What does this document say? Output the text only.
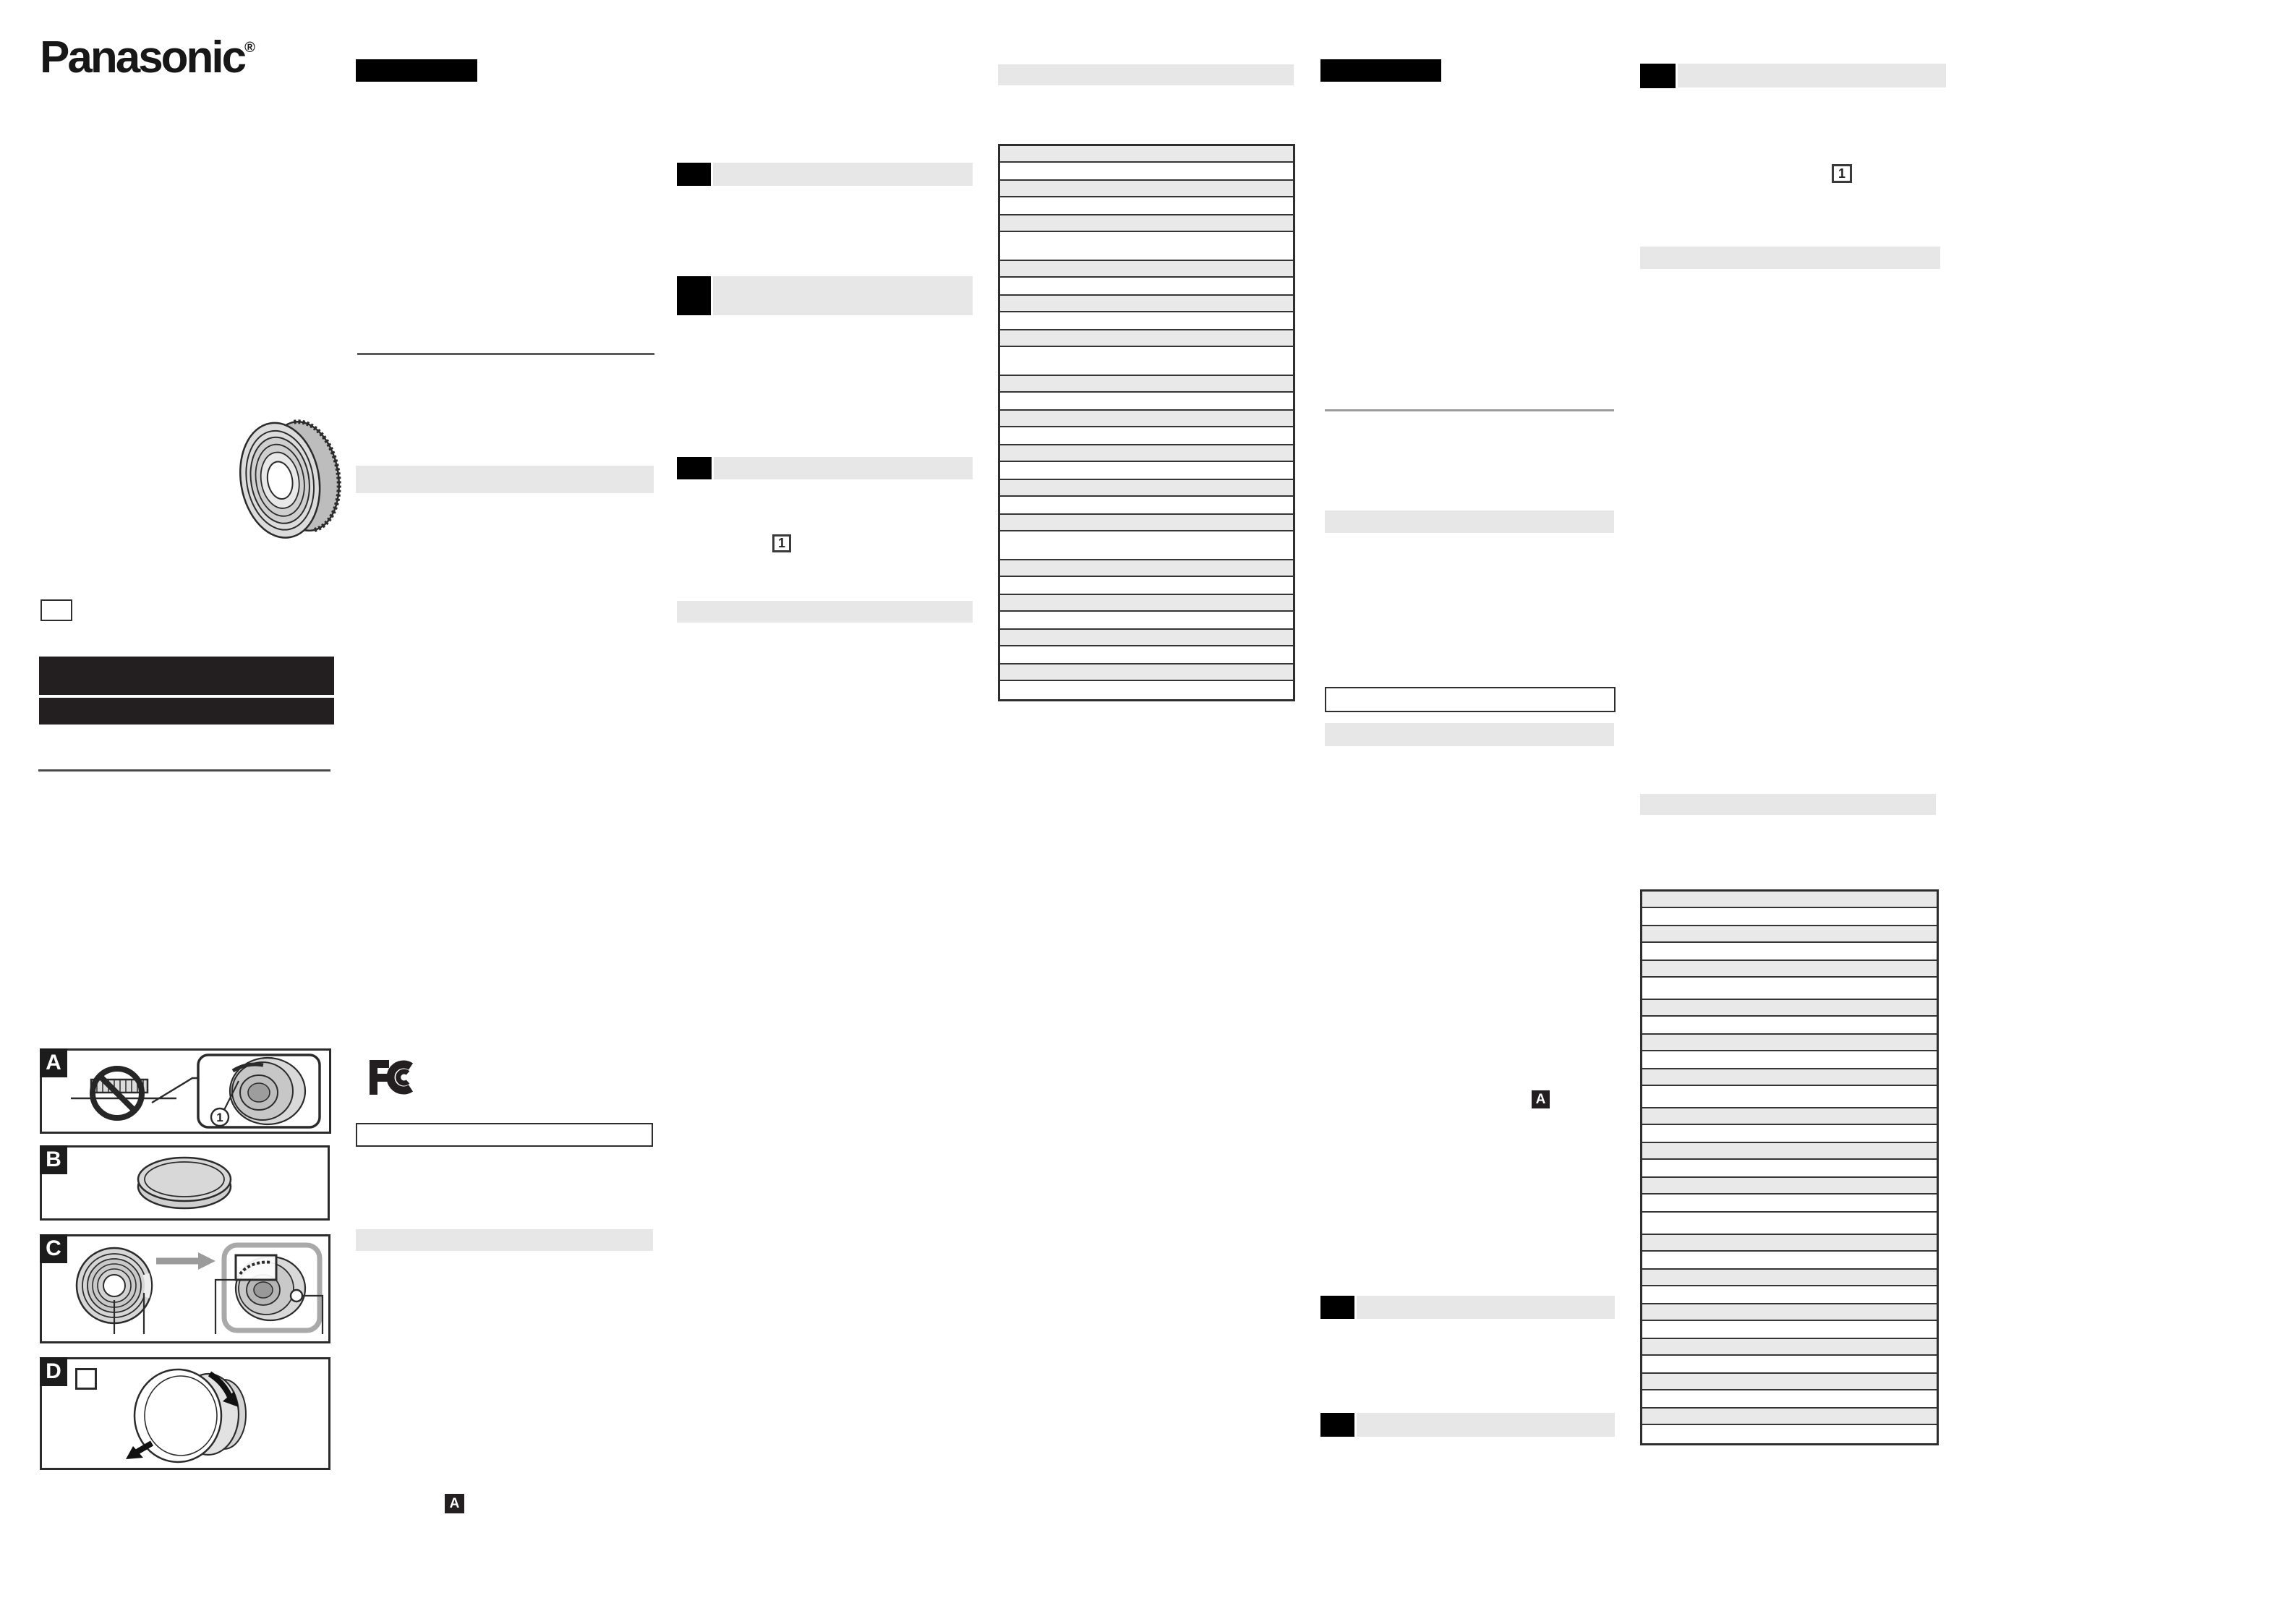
Panasonic®
1
A
1
A
1
B
C
D
A
